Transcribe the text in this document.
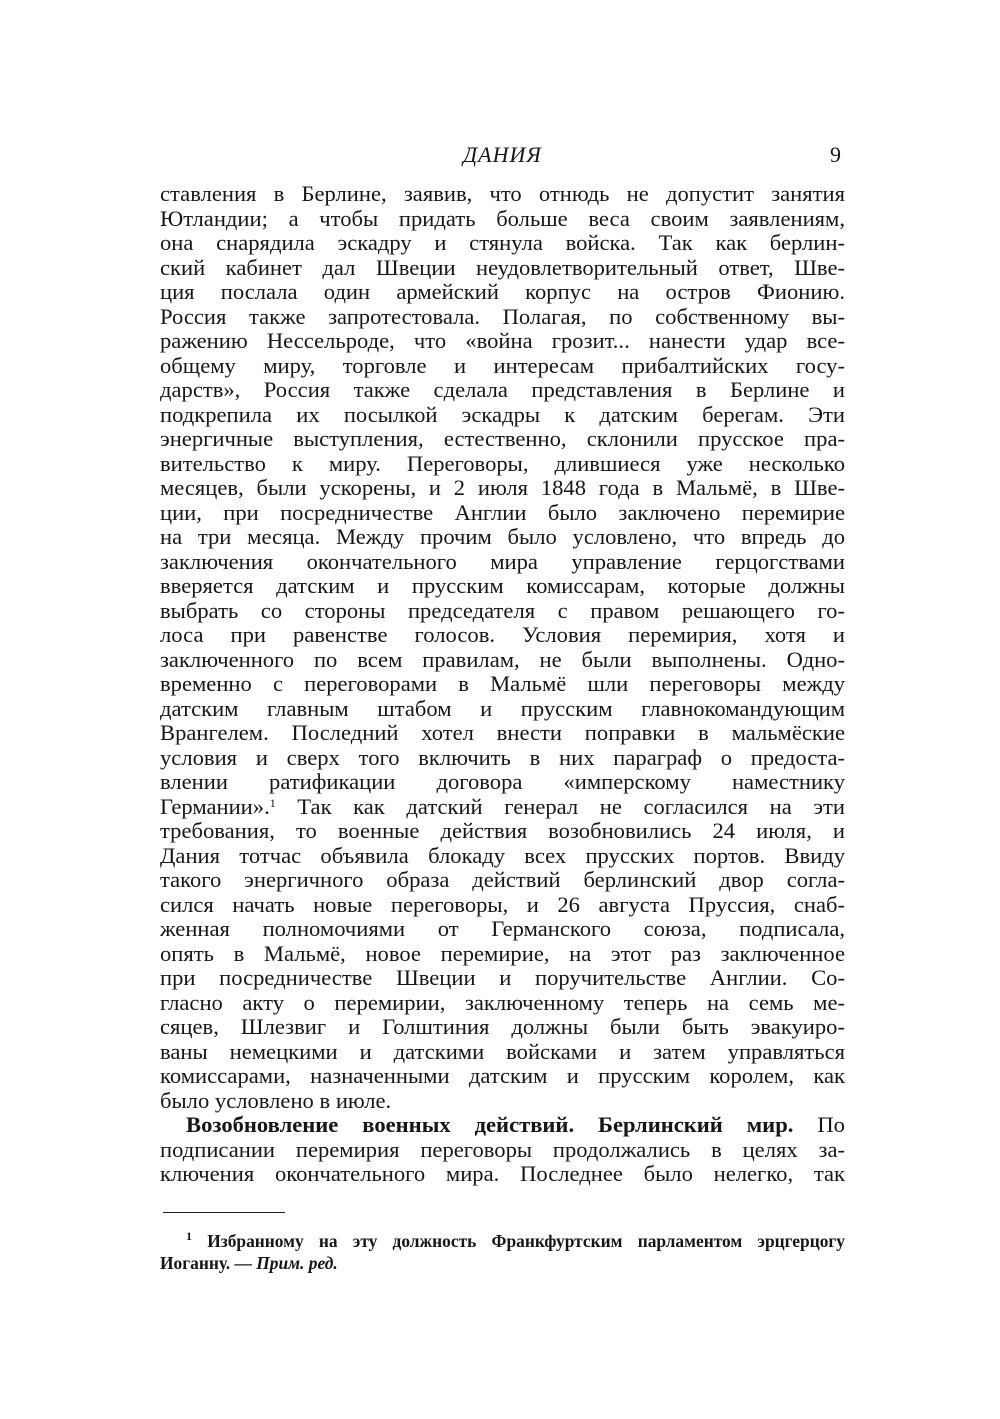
ДАНИЯ	9
ставления в Берлине, заявив, что отнюдь не допустит занятия
Ютландии; а чтобы придать больше веса своим заявлениям,
она снарядила эскадру и стянула войска. Так как берлин-
ский кабинет дал Швеции неудовлетворительный ответ, Шве-
ция послала один армейский корпус на остров Фионию.
Россия также запротестовала. Полагая, по собственному вы-
ражению Нессельроде, что «война грозит... нанести удар все-
общему миру, торговле и интересам прибалтийских госу-
дарств», Россия также сделала представления в Берлине и
подкрепила их посылкой эскадры к датским берегам. Эти
энергичные выступления, естественно, склонили прусское пра-
вительство к миру. Переговоры, длившиеся уже несколько
месяцев, были ускорены, и 2 июля 1848 года в Мальмё, в Шве-
ции, при посредничестве Англии было заключено перемирие
на три месяца. Между прочим было условлено, что впредь до
заключения окончательного мира управление герцогствами
вверяется датским и прусским комиссарам, которые должны
выбрать со стороны председателя с правом решающего го-
лоса при равенстве голосов. Условия перемирия, хотя и
заключенного по всем правилам, не были выполнены. Одно-
временно с переговорами в Мальмё шли переговоры между
датским главным штабом и прусским главнокомандующим
Врангелем. Последний хотел внести поправки в мальмёские
условия и сверх того включить в них параграф о предоста-
влении ратификации договора «имперскому наместнику
Германии».$^1$ Так как датский генерал не согласился на эти
требования, то военные действия возобновились 24 июля, и
Дания тотчас объявила блокаду всех прусских портов. Ввиду
такого энергичного образа действий берлинский двор согла-
сился начать новые переговоры, и 26 августа Пруссия, снаб-
женная полномочиями от Германского союза, подписала,
опять в Мальмё, новое перемирие, на этот раз заключенное
при посредничестве Швеции и поручительстве Англии. Со-
гласно акту о перемирии, заключенному теперь на семь ме-
сяцев, Шлезвиг и Голштиния должны были быть эвакуиро-
ваны немецкими и датскими войсками и затем управляться
комиссарами, назначенными датским и прусским королем, как
было условлено в июле.
Возобновление военных действий. Берлинский мир. По
подписании перемирия переговоры продолжались в целях за-
ключения окончательного мира. Последнее было нелегко, так
$^1$ Избранному на эту должность Франкфуртским парламентом эрцгерцогу
Иоганну. — Прим. ред.
